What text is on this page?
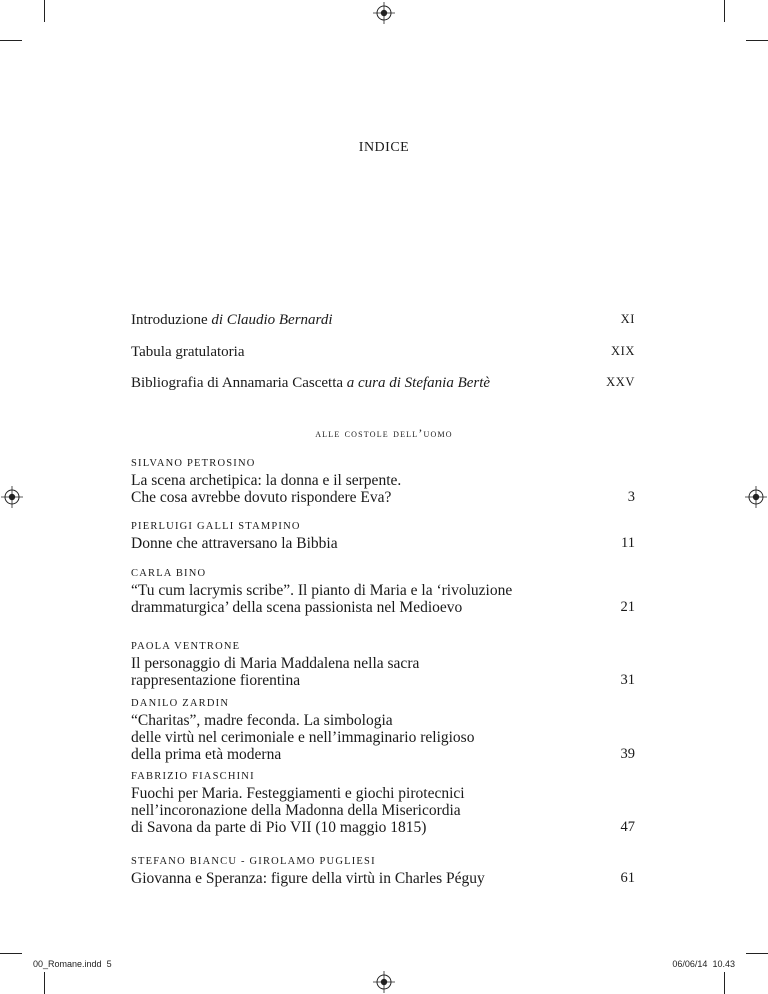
INDICE
Introduzione di Claudio Bernardi	XI
Tabula gratulatoria	XIX
Bibliografia di Annamaria Cascetta a cura di Stefania Bertè	XXV
alle costole dell’uomo
SILVANO PETROSINO
La scena archetipica: la donna e il serpente.
Che cosa avrebbe dovuto rispondere Eva?	3
PIERLUIGI GALLI STAMPINO
Donne che attraversano la Bibbia	11
CARLA BINO
“Tu cum lacrymis scribe”. Il pianto di Maria e la ‘rivoluzione
drammaturgica’ della scena passionista nel Medioevo	21
PAOLA VENTRONE
Il personaggio di Maria Maddalena nella sacra
rappresentazione fiorentina	31
DANILO ZARDIN
“Charitas”, madre feconda. La simbologia
delle virtù nel cerimoniale e nell’immaginario religioso
della prima età moderna	39
FABRIZIO FIASCHINI
Fuochi per Maria. Festeggiamenti e giochi pirotecnici
nell’incoronazione della Madonna della Misericordia
di Savona da parte di Pio VII (10 maggio 1815)	47
STEFANO BIANCU - GIROLAMO PUGLIESI
Giovanna e Speranza: figure della virtù in Charles Péguy	61
00_Romane.indd 5	06/06/14 10.43
